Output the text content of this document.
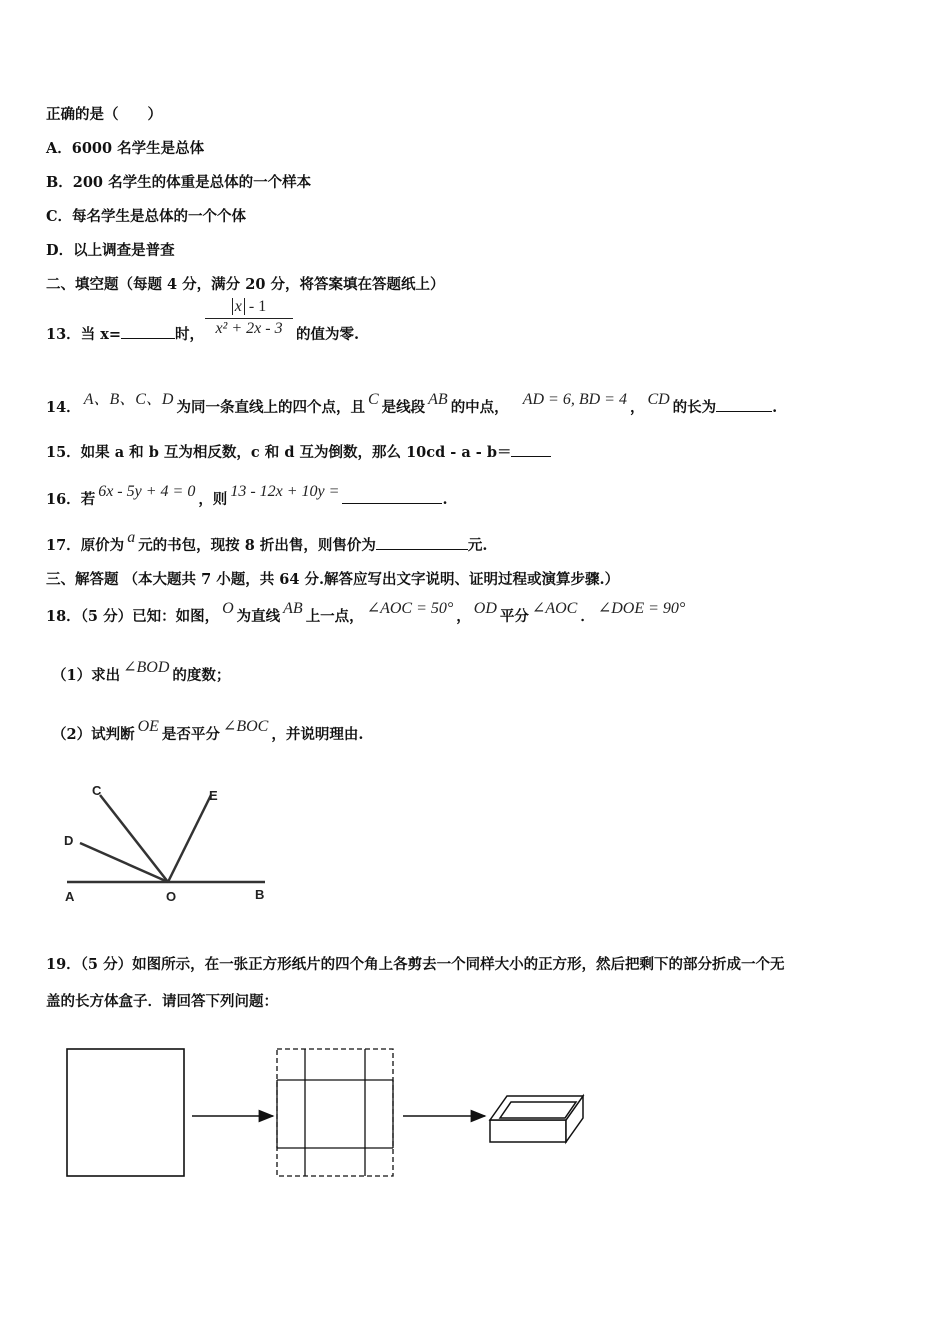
正确的是（　　）
A．6000 名学生是总体
B．200 名学生的体重是总体的一个样本
C．每名学生是总体的一个个体
D．以上调查是普查
二、填空题（每题 4 分，满分 20 分，将答案填在答题纸上）
13．当 x=	时， $\frac{x - 1}{\text{x² + 2x - 3}}$ 的值为零.
14． A、B、C、D 为同一条直线上的四个点，且 C 是线段 AB 的中点， AD = 6, BD = 4 ， CD 的长为	.
15．如果 a 和 b 互为相反数，c 和 d 互为倒数，那么 10cd - a - b＝
16．若 6x - 5y + 4 = 0 ，则 13 - 12x + 10y =	.
17．原价为 a 元的书包，现按 8 折出售，则售价为	元.
三、解答题 （本大题共 7 小题，共 64 分.解答应写出文字说明、证明过程或演算步骤.）
18．（5 分）已知：如图， O 为直线 AB 上一点， ∠AOC = 50° ， OD 平分 ∠AOC ． ∠DOE = 90°
（1）求出 ∠BOD 的度数；
（2）试判断 OE 是否平分 ∠BOC ，并说明理由.
A	O	B
C
D
E
19．（5 分）如图所示，在一张正方形纸片的四个角上各剪去一个同样大小的正方形，然后把剩下的部分折成一个无
盖的长方体盒子．请回答下列问题：
